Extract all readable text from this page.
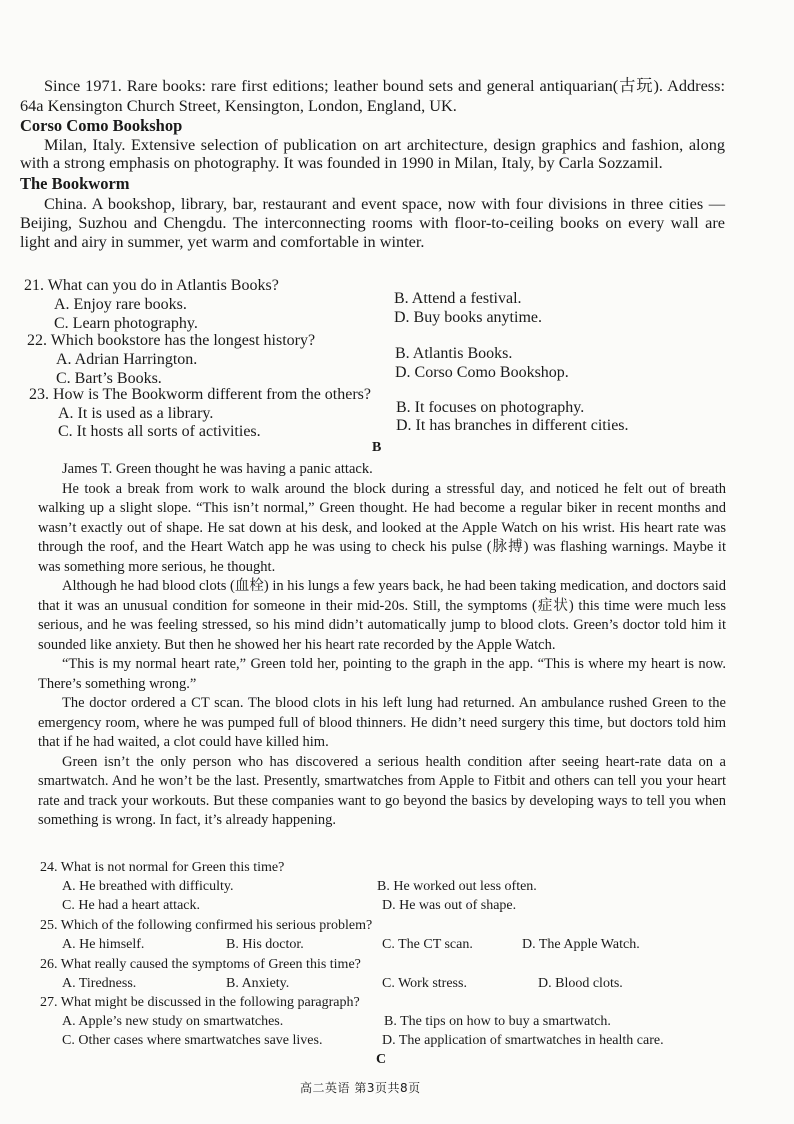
Since 1971. Rare books: rare first editions; leather bound sets and general antiquarian(古玩). Address: 64a Kensington Church Street, Kensington, London, England, UK.

Corso Como Bookshop

Milan, Italy. Extensive selection of publication on art architecture, design graphics and fashion, along with a strong emphasis on photography. It was founded in 1990 in Milan, Italy, by Carla Sozzamil.

The Bookworm

China. A bookshop, library, bar, restaurant and event space, now with four divisions in three cities — Beijing, Suzhou and Chengdu. The interconnecting rooms with floor-to-ceiling books on every wall are light and airy in summer, yet warm and comfortable in winter.

21. What can you do in Atlantis Books?
A. Enjoy rare books.	B. Attend a festival.
C. Learn photography.	D. Buy books anytime.
22. Which bookstore has the longest history?
A. Adrian Harrington.	B. Atlantis Books.
C. Bart’s Books.	D. Corso Como Bookshop.
23. How is The Bookworm different from the others?
A. It is used as a library.	B. It focuses on photography.
C. It hosts all sorts of activities.	D. It has branches in different cities.
B

James T. Green thought he was having a panic attack.

He took a break from work to walk around the block during a stressful day, and noticed he felt out of breath walking up a slight slope. “This isn’t normal,” Green thought. He had become a regular biker in recent months and wasn’t exactly out of shape. He sat down at his desk, and looked at the Apple Watch on his wrist. His heart rate was through the roof, and the Heart Watch app he was using to check his pulse (脉搏) was flashing warnings. Maybe it was something more serious, he thought.

Although he had blood clots (血栓) in his lungs a few years back, he had been taking medication, and doctors said that it was an unusual condition for someone in their mid-20s. Still, the symptoms (症状) this time were much less serious, and he was feeling stressed, so his mind didn’t automatically jump to blood clots. Green’s doctor told him it sounded like anxiety. But then he showed her his heart rate recorded by the Apple Watch.

“This is my normal heart rate,” Green told her, pointing to the graph in the app. “This is where my heart is now. There’s something wrong.”

The doctor ordered a CT scan. The blood clots in his left lung had returned. An ambulance rushed Green to the emergency room, where he was pumped full of blood thinners. He didn’t need surgery this time, but doctors told him that if he had waited, a clot could have killed him.

Green isn’t the only person who has discovered a serious health condition after seeing heart-rate data on a smartwatch. And he won’t be the last. Presently, smartwatches from Apple to Fitbit and others can tell you your heart rate and track your workouts. But these companies want to go beyond the basics by developing ways to tell you when something is wrong. In fact, it’s already happening.

24. What is not normal for Green this time?
A. He breathed with difficulty.	B. He worked out less often.
C. He had a heart attack.	D. He was out of shape.
25. Which of the following confirmed his serious problem?
A. He himself.	B. His doctor.	C. The CT scan.	D. The Apple Watch.
26. What really caused the symptoms of Green this time?
A. Tiredness.	B. Anxiety.	C. Work stress.	D. Blood clots.
27. What might be discussed in the following paragraph?
A. Apple’s new study on smartwatches.	B. The tips on how to buy a smartwatch.
C. Other cases where smartwatches save lives.	D. The application of smartwatches in health care.
C
高二英语 第3页共8页
